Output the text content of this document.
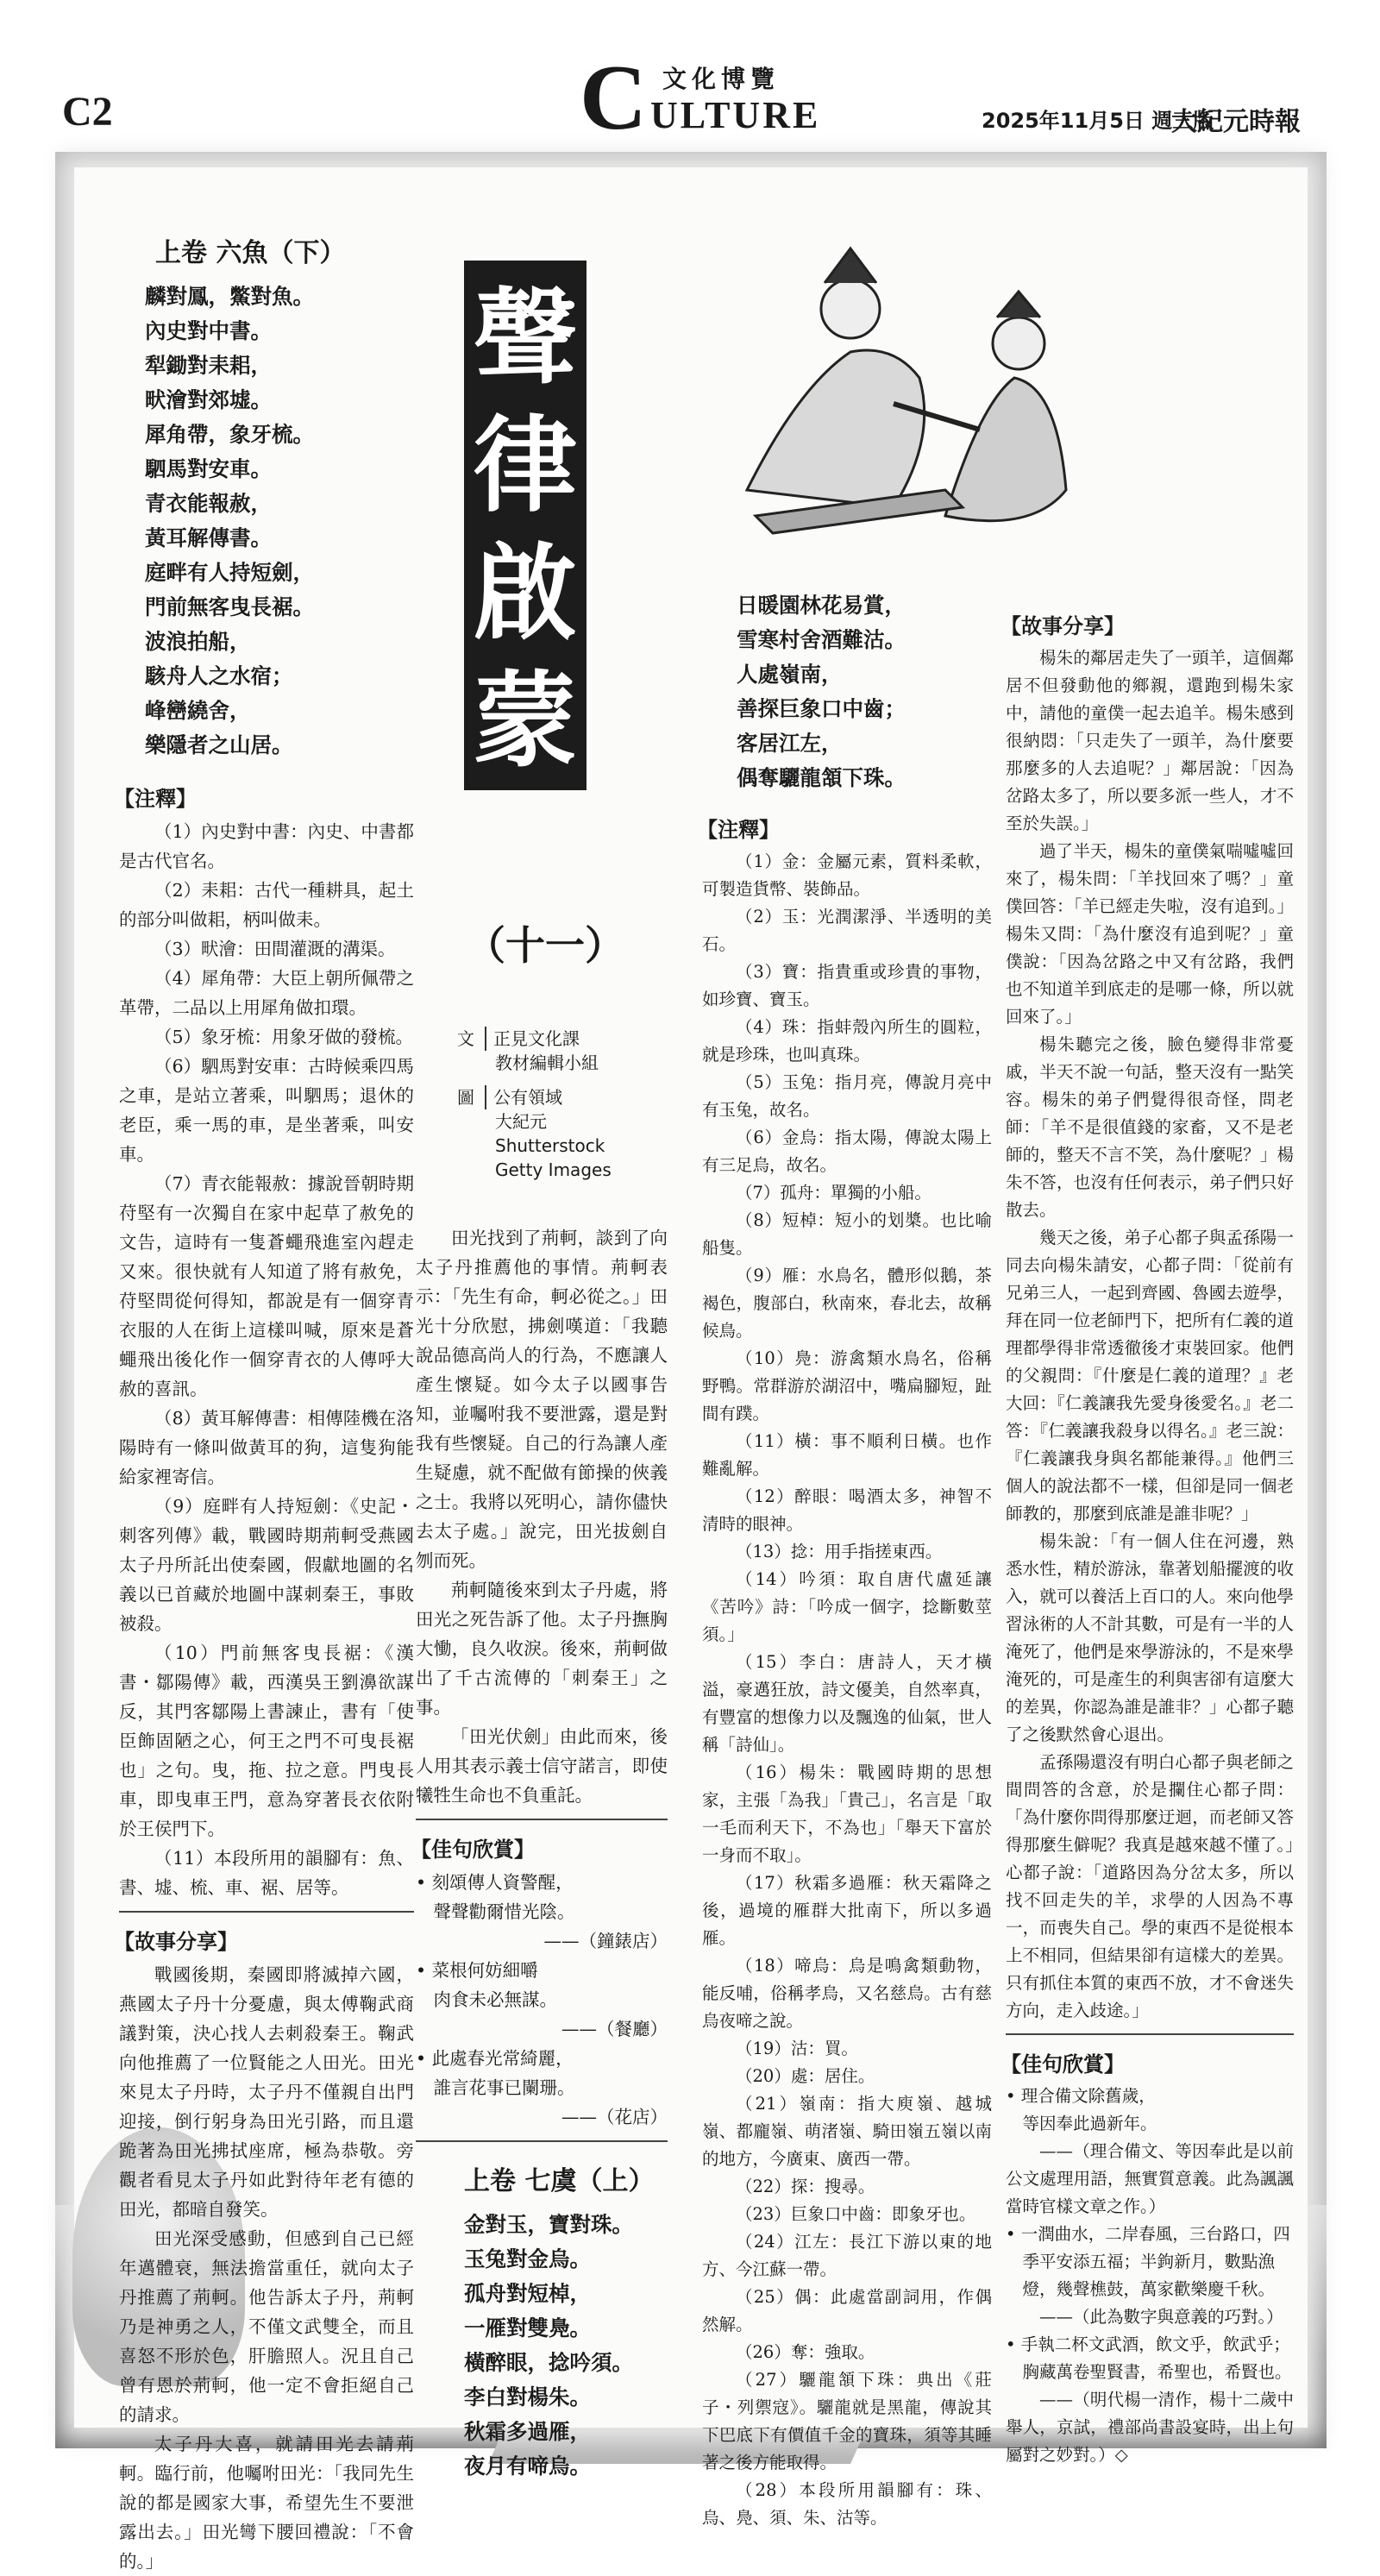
C2	C 文化博覽
ULTURE	2025年11月5日 週三版
大紀元時報
聲律啟蒙
（十一）
文 正見文化課
教材編輯小組
圖 公有領域
大紀元
Shutterstock
Getty Images
上卷 六魚（下）
麟對鳳，鱉對魚。
內史對中書。
犁鋤對耒耜，
畎澮對郊墟。
犀角帶，象牙梳。
駟馬對安車。
青衣能報赦，
黃耳解傳書。
庭畔有人持短劍，
門前無客曳長裾。
波浪拍船，
駭舟人之水宿；
峰巒繞舍，
樂隱者之山居。
【注釋】

（1）內史對中書：內史、中書都是古代官名。

（2）耒耜：古代一種耕具，起土的部分叫做耜，柄叫做耒。

（3）畎澮：田間灌溉的溝渠。

（4）犀角帶：大臣上朝所佩帶之革帶，二品以上用犀角做扣環。

（5）象牙梳：用象牙做的發梳。

（6）駟馬對安車：古時候乘四馬之車，是站立著乘，叫駟馬；退休的老臣，乘一馬的車，是坐著乘，叫安車。

（7）青衣能報赦：據說晉朝時期苻堅有一次獨自在家中起草了赦免的文告，這時有一隻蒼蠅飛進室內趕走又來。很快就有人知道了將有赦免，苻堅問從何得知，都說是有一個穿青衣服的人在街上這樣叫喊，原來是蒼蠅飛出後化作一個穿青衣的人傳呼大赦的喜訊。

（8）黃耳解傳書：相傳陸機在洛陽時有一條叫做黃耳的狗，這隻狗能給家裡寄信。

（9）庭畔有人持短劍：《史記・刺客列傳》載，戰國時期荊軻受燕國太子丹所託出使秦國，假獻地圖的名義以已首藏於地圖中謀刺秦王，事敗被殺。

（10）門前無客曳長裾：《漢書・鄒陽傳》載，西漢吳王劉濞欲謀反，其門客鄒陽上書諫止，書有「使臣飾固陋之心，何王之門不可曳長裾也」之句。曳，拖、拉之意。門曳長車，即曳車王門，意為穿著長衣依附於王侯門下。

（11）本段所用的韻腳有：魚、書、墟、梳、車、裾、居等。

【故事分享】

戰國後期，秦國即將滅掉六國，燕國太子丹十分憂慮，與太傅鞠武商議對策，決心找人去刺殺秦王。鞠武向他推薦了一位賢能之人田光。田光來見太子丹時，太子丹不僅親自出門迎接，倒行躬身為田光引路，而且還跪著為田光拂拭座席，極為恭敬。旁觀者看見太子丹如此對待年老有德的田光，都暗自發笑。

田光深受感動，但感到自己已經年邁體衰，無法擔當重任，就向太子丹推薦了荊軻。他告訴太子丹，荊軻乃是神勇之人，不僅文武雙全，而且喜怒不形於色，肝膽照人。況且自己曾有恩於荊軻，他一定不會拒絕自己的請求。

太子丹大喜，就請田光去請荊軻。臨行前，他囑咐田光：「我同先生說的都是國家大事，希望先生不要泄露出去。」田光彎下腰回禮說：「不會的。」

田光找到了荊軻，談到了向太子丹推薦他的事情。荊軻表示：「先生有命，軻必從之。」田光十分欣慰，拂劍嘆道：「我聽說品德高尚人的行為，不應讓人產生懷疑。如今太子以國事告知，並囑咐我不要泄露，還是對我有些懷疑。自己的行為讓人產生疑慮，就不配做有節操的俠義之士。我將以死明心，請你儘快去太子處。」說完，田光拔劍自刎而死。

荊軻隨後來到太子丹處，將田光之死告訴了他。太子丹撫胸大慟，良久收淚。後來，荊軻做出了千古流傳的「刺秦王」之事。

「田光伏劍」由此而來，後人用其表示義士信守諾言，即使犧牲生命也不負重託。

【佳句欣賞】
• 刻頌傳人資警醒，
聲聲勸爾惜光陰。
——（鐘錶店）
• 菜根何妨細嚼
肉食未必無謀。
——（餐廳）
• 此處春光常綺麗，
誰言花事已闌珊。
——（花店）
上卷 七虞（上）
金對玉，寶對珠。
玉兔對金烏。
孤舟對短棹，
一雁對雙鳧。
橫醉眼，捻吟須。
李白對楊朱。
秋霜多過雁，
夜月有啼烏。
日暖園林花易賞，
雪寒村舍酒難沽。
人處嶺南，
善探巨象口中齒；
客居江左，
偶奪驪龍頷下珠。
【注釋】

（1）金：金屬元素，質料柔軟，可製造貨幣、裝飾品。

（2）玉：光潤潔淨、半透明的美石。

（3）寶：指貴重或珍貴的事物，如珍寶、寶玉。

（4）珠：指蚌殼內所生的圓粒，就是珍珠，也叫真珠。

（5）玉兔：指月亮，傳說月亮中有玉兔，故名。

（6）金烏：指太陽，傳說太陽上有三足烏，故名。

（7）孤舟：單獨的小船。

（8）短棹：短小的划槳。也比喻船隻。

（9）雁：水鳥名，體形似鵝，茶褐色，腹部白，秋南來，春北去，故稱候鳥。

（10）鳧：游禽類水鳥名，俗稱野鴨。常群游於湖沼中，嘴扁腳短，趾間有蹼。

（11）橫：事不順利日橫。也作難亂解。

（12）醉眼：喝酒太多，神智不清時的眼神。

（13）捻：用手指搓東西。

（14）吟須：取自唐代盧延讓《苦吟》詩：「吟成一個字，捻斷數莖須。」

（15）李白：唐詩人，天才橫溢，豪邁狂放，詩文優美，自然率真，有豐富的想像力以及飄逸的仙氣，世人稱「詩仙」。

（16）楊朱：戰國時期的思想家，主張「為我」「貴己」，名言是「取一毛而利天下，不為也」「舉天下富於一身而不取」。

（17）秋霜多過雁：秋天霜降之後，過境的雁群大批南下，所以多過雁。

（18）啼烏：烏是鳴禽類動物，能反哺，俗稱孝烏，又名慈烏。古有慈烏夜啼之說。

（19）沽：買。

（20）處：居住。

（21）嶺南：指大庾嶺、越城嶺、都龐嶺、萌渚嶺、騎田嶺五嶺以南的地方，今廣東、廣西一帶。

（22）探：搜尋。

（23）巨象口中齒：即象牙也。

（24）江左：長江下游以東的地方、今江蘇一帶。

（25）偶：此處當副詞用，作偶然解。

（26）奪：強取。

（27）驪龍頷下珠：典出《莊子・列禦寇》。驪龍就是黑龍，傳說其下巴底下有價值千金的寶珠，須等其睡著之後方能取得。

（28）本段所用韻腳有：珠、烏、鳧、須、朱、沽等。

【故事分享】

楊朱的鄰居走失了一頭羊，這個鄰居不但發動他的鄉親，還跑到楊朱家中，請他的童僕一起去追羊。楊朱感到很納悶：「只走失了一頭羊，為什麼要那麼多的人去追呢？」鄰居說：「因為岔路太多了，所以要多派一些人，才不至於失誤。」

過了半天，楊朱的童僕氣喘噓噓回來了，楊朱問：「羊找回來了嗎？」童僕回答：「羊已經走失啦，沒有追到。」楊朱又問：「為什麼沒有追到呢？」童僕說：「因為岔路之中又有岔路，我們也不知道羊到底走的是哪一條，所以就回來了。」

楊朱聽完之後，臉色變得非常憂戚，半天不說一句話，整天沒有一點笑容。楊朱的弟子們覺得很奇怪，問老師：「羊不是很值錢的家畜，又不是老師的，整天不言不笑，為什麼呢？」楊朱不答，也沒有任何表示，弟子們只好散去。

幾天之後，弟子心都子與孟孫陽一同去向楊朱請安，心都子問：「從前有兄弟三人，一起到齊國、魯國去遊學，拜在同一位老師門下，把所有仁義的道理都學得非常透徹後才束裝回家。他們的父親問：『什麼是仁義的道理？』老大回：『仁義讓我先愛身後愛名。』老二答：『仁義讓我殺身以得名。』老三說：『仁義讓我身與名都能兼得。』他們三個人的說法都不一樣，但卻是同一個老師教的，那麼到底誰是誰非呢？」

楊朱說：「有一個人住在河邊，熟悉水性，精於游泳，靠著划船擺渡的收入，就可以養活上百口的人。來向他學習泳術的人不計其數，可是有一半的人淹死了，他們是來學游泳的，不是來學淹死的，可是產生的利與害卻有這麼大的差異，你認為誰是誰非？」心都子聽了之後默然會心退出。

孟孫陽還沒有明白心都子與老師之間問答的含意，於是攔住心都子問：「為什麼你問得那麼迂迴，而老師又答得那麼生僻呢？我真是越來越不懂了。」心都子說：「道路因為分岔太多，所以找不回走失的羊，求學的人因為不專一，而喪失自己。學的東西不是從根本上不相同，但結果卻有這樣大的差異。只有抓住本質的東西不放，才不會迷失方向，走入歧途。」

【佳句欣賞】
• 理合備文除舊歲，
等因奉此過新年。

——（理合備文、等因奉此是以前公文處理用語，無實質意義。此為諷諷當時官樣文章之作。）

• 一潤曲水，二岸春風，三台路口，四季平安添五福；半鉤新月，數點漁燈，幾聲樵鼓，萬家歡樂慶千秋。

——（此為數字與意義的巧對。）

• 手執二杯文武酒，飲文乎，飲武乎；胸藏萬卷聖賢書，希聖也，希賢也。

——（明代楊一清作，楊十二歲中舉人，京試，禮部尚書設宴時，出上句屬對之妙對。）◇
